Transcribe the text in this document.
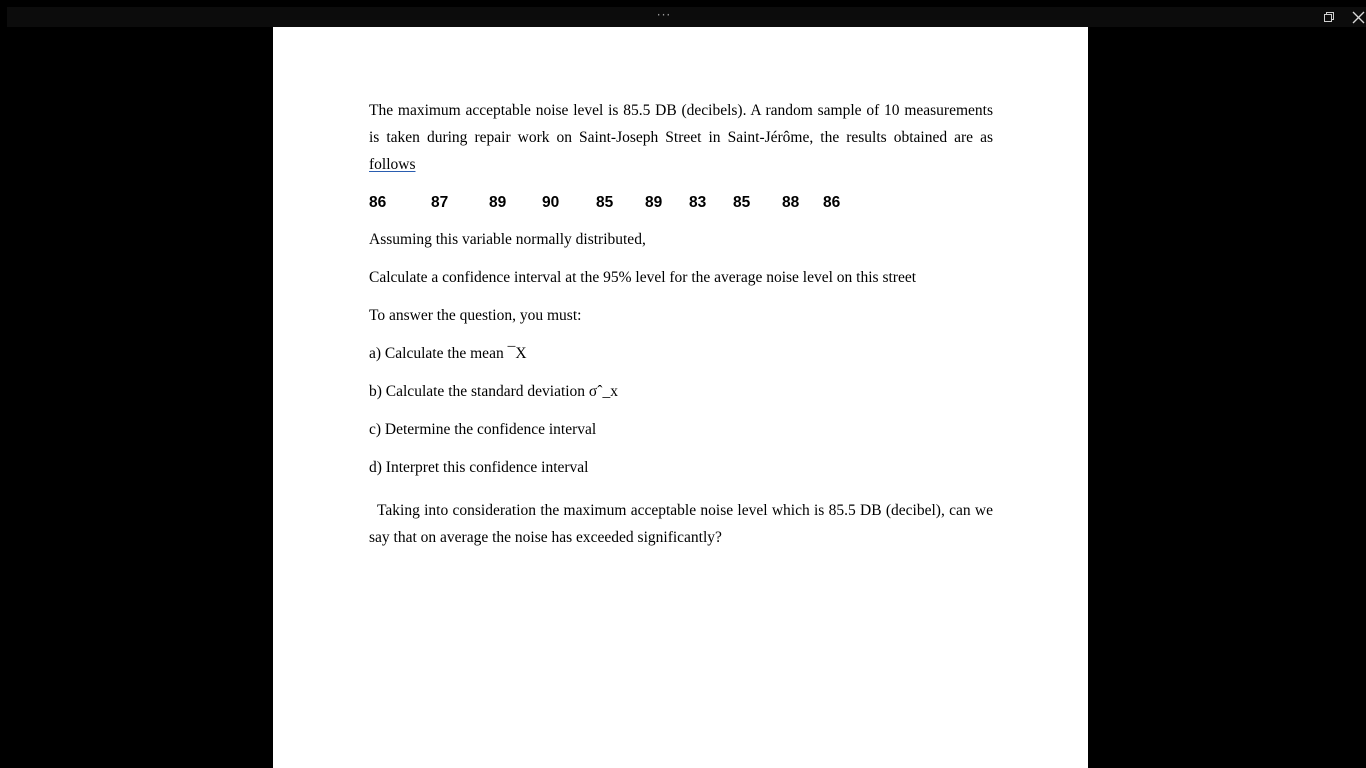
···

The maximum acceptable noise level is 85.5 DB (decibels). A random sample of 10 measurements is taken during repair work on Saint-Joseph Street in Saint-Jérôme, the results obtained are as follows

86	87	89 90 85 89 83 85 88 86

Assuming this variable normally distributed,

Calculate a confidence interval at the 95% level for the average noise level on this street

To answer the question, you must:

a) Calculate the mean ¯X

b) Calculate the standard deviation σˆ_x

c) Determine the confidence interval

d) Interpret this confidence interval

Taking into consideration the maximum acceptable noise level which is 85.5 DB (decibel), can we say that on average the noise has exceeded significantly?
